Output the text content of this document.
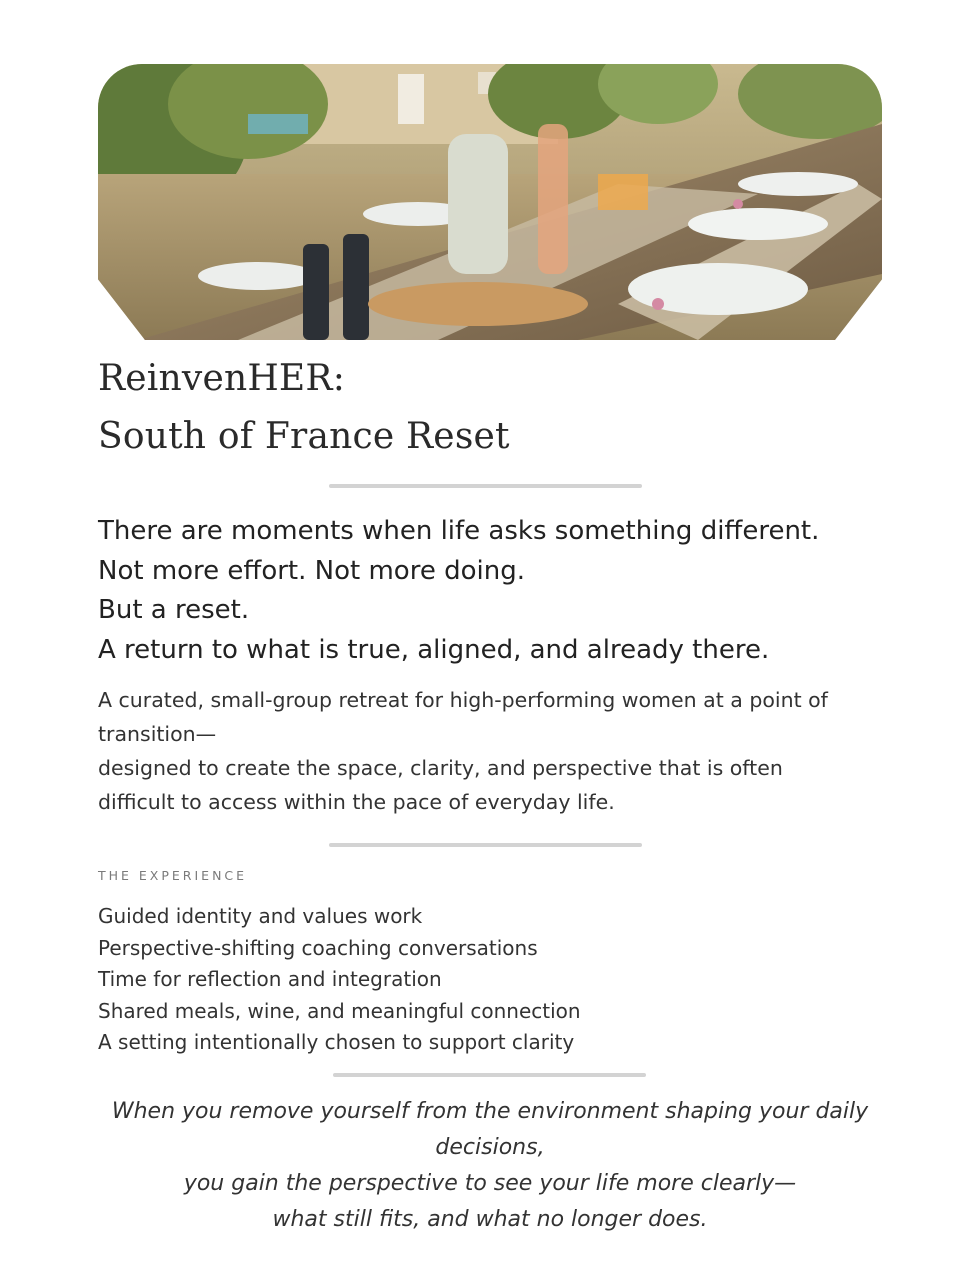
ReinvenHER:
South of France Reset
There are moments when life asks something different.
Not more effort. Not more doing.
But a reset.
A return to what is true, aligned, and already there.
A curated, small-group retreat for high-performing women at a point of
transition—
designed to create the space, clarity, and perspective that is often
difficult to access within the pace of everyday life.
THE EXPERIENCE
Guided identity and values work
Perspective-shifting coaching conversations
Time for reflection and integration
Shared meals, wine, and meaningful connection
A setting intentionally chosen to support clarity
When you remove yourself from the environment shaping your daily
decisions,
you gain the perspective to see your life more clearly—
what still fits, and what no longer does.
